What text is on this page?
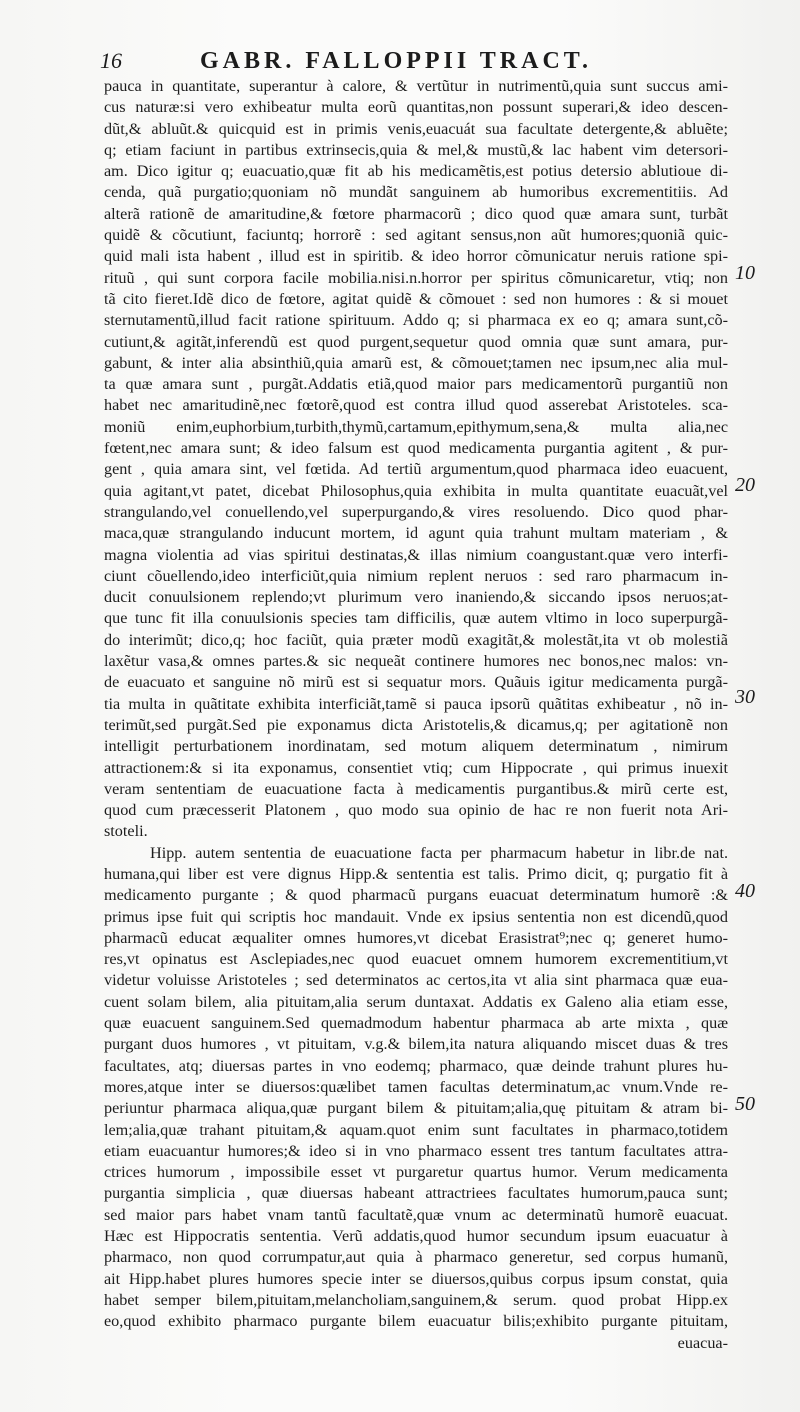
16	GABR. FALLOPPII TRACT.

pauca in quantitate, superantur à calore, & vertũtur in nutrimentũ,quia sunt succus ami-

cus naturæ:si vero exhibeatur multa eorũ quantitas,non possunt superari,& ideo descen-

dũt,& abluũt.& quicquid est in primis venis,euacuát sua facultate detergente,& abluẽte;

q; etiam faciunt in partibus extrinsecis,quia & mel,& mustũ,& lac habent vim detersori-

am. Dico igitur q; euacuatio,quæ fit ab his medicamẽtis,est potius detersio ablutioue di-

cenda, quã purgatio;quoniam nõ mundãt sanguinem ab humoribus excrementitiis. Ad

alterã rationẽ de amaritudine,& fœtore pharmacorũ ; dico quod quæ amara sunt, turbãt

quidẽ & cõcutiunt, faciuntq; horrorẽ : sed agitant sensus,non aũt humores;quoniã quic-

quid mali ista habent , illud est in spiritib. & ideo horror cõmunicatur neruis ratione spi-

rituũ , qui sunt corpora facile mobilia.nisi.n.horror per spiritus cõmunicaretur, vtiq; non

tã cito fieret.Idẽ dico de fœtore, agitat quidẽ & cõmouet : sed non humores : & si mouet

sternutamentũ,illud facit ratione spirituum. Addo q; si pharmaca ex eo q; amara sunt,cõ-

cutiunt,& agitãt,inferendũ est quod purgent,sequetur quod omnia quæ sunt amara, pur-

gabunt, & inter alia absinthiũ,quia amarũ est, & cõmouet;tamen nec ipsum,nec alia mul-

ta quæ amara sunt , purgãt.Addatis etiã,quod maior pars medicamentorũ purgantiũ non

habet nec amaritudinẽ,nec fœtorẽ,quod est contra illud quod asserebat Aristoteles. sca-

moniũ enim,euphorbium,turbith,thymũ,cartamum,epithymum,sena,& multa alia,nec

fœtent,nec amara sunt; & ideo falsum est quod medicamenta purgantia agitent , & pur-

gent , quia amara sint, vel fœtida. Ad tertiũ argumentum,quod pharmaca ideo euacuent,

quia agitant,vt patet, dicebat Philosophus,quia exhibita in multa quantitate euacuãt,vel

strangulando,vel conuellendo,vel superpurgando,& vires resoluendo. Dico quod phar-

maca,quæ strangulando inducunt mortem, id agunt quia trahunt multam materiam , &

magna violentia ad vias spiritui destinatas,& illas nimium coangustant.quæ vero interfi-

ciunt cõuellendo,ideo interficiũt,quia nimium replent neruos : sed raro pharmacum in-

ducit conuulsionem replendo;vt plurimum vero inaniendo,& siccando ipsos neruos;at-

que tunc fit illa conuulsionis species tam difficilis, quæ autem vltimo in loco superpurgã-

do interimũt; dico,q; hoc faciũt, quia præter modũ exagitãt,& molestãt,ita vt ob molestiã

laxẽtur vasa,& omnes partes.& sic nequeãt continere humores nec bonos,nec malos: vn-

de euacuato et sanguine nõ mirũ est si sequatur mors. Quãuis igitur medicamenta purgã-

tia multa in quãtitate exhibita interficiãt,tamẽ si pauca ipsorũ quãtitas exhibeatur , nõ in-

terimũt,sed purgãt.Sed pie exponamus dicta Aristotelis,& dicamus,q; per agitationẽ non

intelligit perturbationem inordinatam, sed motum aliquem determinatum , nimirum

attractionem:& si ita exponamus, consentiet vtiq; cum Hippocrate , qui primus inuexit

veram sententiam de euacuatione facta à medicamentis purgantibus.& mirũ certe est,

quod cum præcesserit Platonem , quo modo sua opinio de hac re non fuerit nota Ari-

stoteli.

Hipp. autem sententia de euacuatione facta per pharmacum habetur in libr.de nat.

humana,qui liber est vere dignus Hipp.& sententia est talis. Primo dicit, q; purgatio fit à

medicamento purgante ; & quod pharmacũ purgans euacuat determinatum humorẽ :&

primus ipse fuit qui scriptis hoc mandauit. Vnde ex ipsius sententia non est dicendũ,quod

pharmacũ educat æqualiter omnes humores,vt dicebat Erasistrat⁹;nec q; generet humo-

res,vt opinatus est Asclepiades,nec quod euacuet omnem humorem excrementitium,vt

videtur voluisse Aristoteles ; sed determinatos ac certos,ita vt alia sint pharmaca quæ eua-

cuent solam bilem, alia pituitam,alia serum duntaxat. Addatis ex Galeno alia etiam esse,

quæ euacuent sanguinem.Sed quemadmodum habentur pharmaca ab arte mixta , quæ

purgant duos humores , vt pituitam, v.g.& bilem,ita natura aliquando miscet duas & tres

facultates, atq; diuersas partes in vno eodemq; pharmaco, quæ deinde trahunt plures hu-

mores,atque inter se diuersos:quælibet tamen facultas determinatum,ac vnum.Vnde re-

periuntur pharmaca aliqua,quæ purgant bilem & pituitam;alia,quę pituitam & atram bi-

lem;alia,quæ trahant pituitam,& aquam.quot enim sunt facultates in pharmaco,totidem

etiam euacuantur humores;& ideo si in vno pharmaco essent tres tantum facultates attra-

ctrices humorum , impossibile esset vt purgaretur quartus humor. Verum medicamenta

purgantia simplicia , quæ diuersas habeant attractriees facultates humorum,pauca sunt;

sed maior pars habet vnam tantũ facultatẽ,quæ vnum ac determinatũ humorẽ euacuat.

Hæc est Hippocratis sententia. Verũ addatis,quod humor secundum ipsum euacuatur à

pharmaco, non quod corrumpatur,aut quia à pharmaco generetur, sed corpus humanũ,

ait Hipp.habet plures humores specie inter se diuersos,quibus corpus ipsum constat, quia

habet semper bilem,pituitam,melancholiam,sanguinem,& serum. quod probat Hipp.ex

eo,quod exhibito pharmaco purgante bilem euacuatur bilis;exhibito purgante pituitam,

euacua-

10
20
30
40
50
